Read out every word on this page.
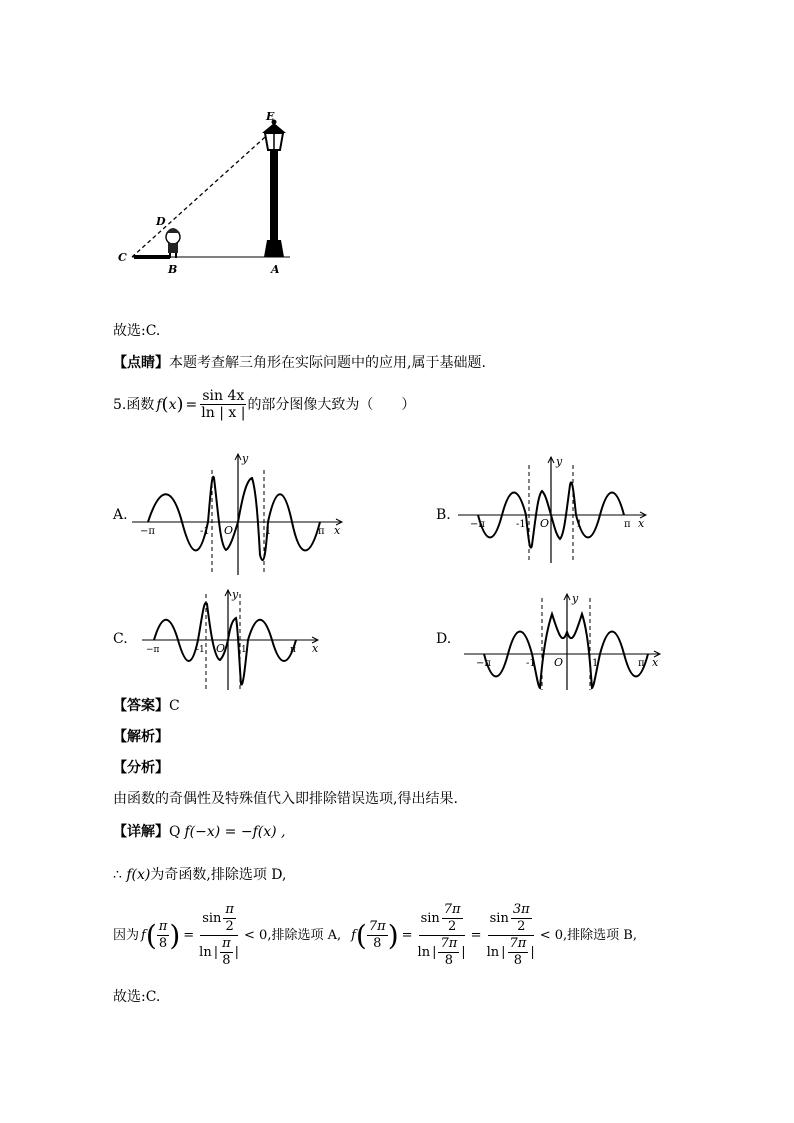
E
D
C
B	A
故选:C.
【点睛】本题考查解三角形在实际问题中的应用,属于基础题.
5. 函数 f ( x ) = $\frac{\sin 4x}{\ln | x |}$ 的部分图像大致为（　　）
A.
y
x
O
−π	π
-1	1
B.
y
x
O
−π	π
-1	1
C.
y
x
O
−π	π
-1	1
D.
y
x
O
−π	π
-1	1
【答案】C
【解析】
【分析】
由函数的奇偶性及特殊值代入即排除错误选项,得出结果.
【详解】Q f(−x) = −f(x) ,
∴ f(x)为奇函数,排除选项 D,
因为 f ( $\frac{\pi}{8}$ ) = $\frac{\sin \frac{\pi}{2}}{\ln | \frac{\pi}{8} |} < 0$ ,排除选项 A, f ( $\frac{7\pi}{8}$ ) = $\frac{\sin \frac{7\pi}{2}}{\ln | \frac{7\pi}{8} |} = \frac{\sin \frac{3\pi}{2}}{\ln | \frac{7\pi}{8} |} < 0$ ,排除选项 B,
故选:C.
